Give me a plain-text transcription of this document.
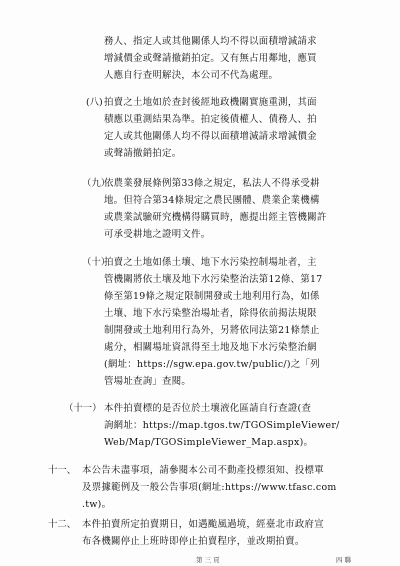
務人、指定人或其他關係人均不得以面積增減請求
增減價金或聲請撤銷拍定。又有無占用鄰地，應買
人應自行查明解決，本公司不代為處理。
(八) 拍賣之土地如於查封後經地政機關實施重測，其面
積應以重測結果為準。拍定後債權人、債務人、拍
定人或其他關係人均不得以面積增減請求增減價金
或聲請撤銷拍定。
（九）
依農業發展條例第33條之規定，私法人不得承受耕
地。但符合第34條規定之農民團體、農業企業機構
或農業試驗研究機構得購買時，應提出經主管機關許
可承受耕地之證明文件。
（十）
拍賣之土地如係土壤、地下水污染控制場址者，主
管機關將依土壤及地下水污染整治法第12條、第17
條至第19條之規定限制開發或土地利用行為，如係
土壤、地下水污染整治場址者，除得依前揭法規限
制開發或土地利用行為外，另將依同法第21條禁止
處分，相關場址資訊得至土地及地下水污染整治網
(網址：https://sgw.epa.gov.tw/public/)之「列
管場址查詢」查閱。
（十一） 本件拍賣標的是否位於土壤液化區請自行查證(查
詢網址：https://map.tgos.tw/TGOSimpleViewer/
Web/Map/TGOSimpleViewer_Map.aspx)。
十一、 本公告未盡事項，請參閱本公司不動產投標須知、投標單
及票據範例及一般公告事項(網址:https://www.tfasc.com
.tw)。
十二、 本件拍賣所定拍賣期日，如遇颱風過境，經臺北市政府宣
布各機關停止上班時即停止拍賣程序，並改期拍賣。
第 三 頁	四 聯
